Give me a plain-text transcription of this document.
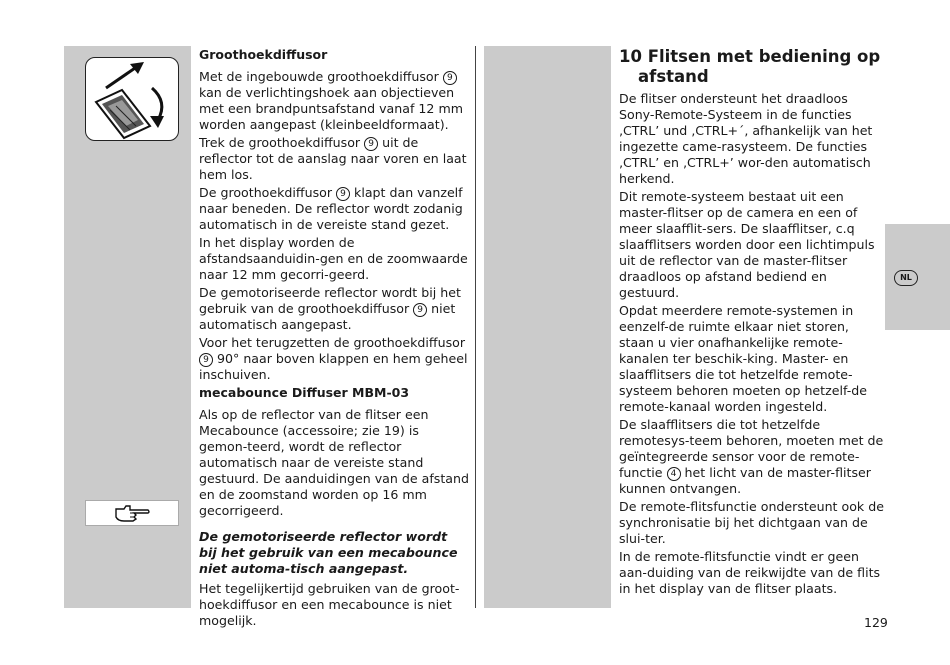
Groothoekdiffusor

Met de ingebouwde groothoekdiffusor 9 kan de verlichtingshoek aan objectieven met een brandpuntsafstand vanaf 12 mm worden aangepast (kleinbeeldformaat).

Trek de groothoekdiffusor 9 uit de reflector tot de aanslag naar voren en laat hem los.

De groothoekdiffusor 9 klapt dan vanzelf naar beneden. De reflector wordt zodanig automatisch in de vereiste stand gezet.

In het display worden de afstandsaanduidin-gen en de zoomwaarde naar 12 mm gecorri-geerd.

De gemotoriseerde reflector wordt bij het gebruik van de groothoekdiffusor 9 niet automatisch aangepast.

Voor het terugzetten de groothoekdiffusor 9 90° naar boven klappen en hem geheel inschuiven.

mecabounce Diffuser MBM-03

Als op de reflector van de flitser een Mecabounce (accessoire; zie 19) is gemon-teerd, wordt de reflector automatisch naar de vereiste stand gestuurd. De aanduidingen van de afstand en de zoomstand worden op 16 mm gecorrigeerd.

De gemotoriseerde reflector wordt bij het gebruik van een mecabounce niet automa-tisch aangepast.

Het tegelijkertijd gebruiken van de groot-hoekdiffusor en een mecabounce is niet mogelijk.

10 Flitsen met bediening op
afstand

De flitser ondersteunt het draadloos Sony-Remote-Systeem in de functies ‚CTRL’ und ‚CTRL+´, afhankelijk van het ingezette came-rasysteem. De functies ‚CTRL’ en ‚CTRL+’ wor-den automatisch herkend.

Dit remote-systeem bestaat uit een master-flitser op de camera en een of meer slaafflit-sers. De slaafflitser, c.q slaafflitsers worden door een lichtimpuls uit de reflector van de master-flitser draadloos op afstand bediend en gestuurd.

Opdat meerdere remote-systemen in eenzelf-de ruimte elkaar niet storen, staan u vier onafhankelijke remote-kanalen ter beschik-king. Master- en slaafflitsers die tot hetzelfde remote-systeem behoren moeten op hetzelf-de remote-kanaal worden ingesteld.

De slaafflitsers die tot hetzelfde remotesys-teem behoren, moeten met de geïntegreerde sensor voor de remote-functie 4 het licht van de master-flitser kunnen ontvangen.

De remote-flitsfunctie ondersteunt ook de synchronisatie bij het dichtgaan van de slui-ter.

In de remote-flitsfunctie vindt er geen aan-duiding van de reikwijdte van de flits in het display van de flitser plaats.

NL
129
